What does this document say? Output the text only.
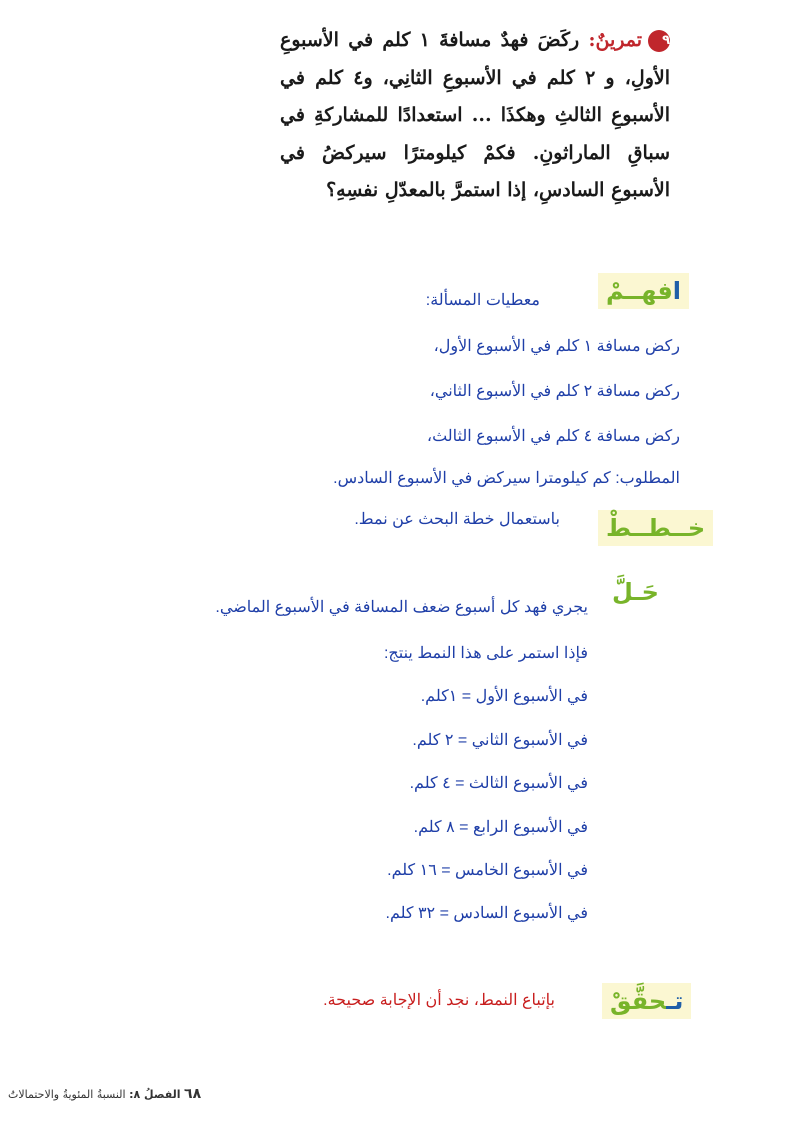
٩تمرينٌ: ركَضَ فهدٌ مسافةَ ١ كلم في الأسبوعِ الأولِ، و ٢ كلم في الأسبوعِ الثانِي، و٤ كلم في الأسبوعِ الثالثِ وهكذَا ... استعدادًا للمشاركةِ في سباقِ الماراثونِ. فكمْ كيلومترًا سيركضُ في الأسبوعِ السادسِ، إذا استمرَّ بالمعدّلِ نفسِهِ؟
افهــمْ
معطيات المسألة:
ركض مسافة ١ كلم في الأسبوع الأول،
ركض مسافة ٢ كلم في الأسبوع الثاني،
ركض مسافة ٤ كلم في الأسبوع الثالث،
المطلوب: كم كيلومترا سيركض في الأسبوع السادس.
خــطــطْ
باستعمال خطة البحث عن نمط.
حَـلَّ
يجري فهد كل أسبوع ضعف المسافة في الأسبوع الماضي.
فإذا استمر على هذا النمط ينتج:
في الأسبوع الأول = ١كلم.
في الأسبوع الثاني = ٢ كلم.
في الأسبوع الثالث = ٤ كلم.
في الأسبوع الرابع = ٨ كلم.
في الأسبوع الخامس = ١٦ كلم.
في الأسبوع السادس = ٣٢ كلم.
تـحقَّقْ
بإتباع النمط، نجد أن الإجابة صحيحة.
٦٨ الفصلُ ٨: النسبةُ المئويةُ والاحتمالاتُ
